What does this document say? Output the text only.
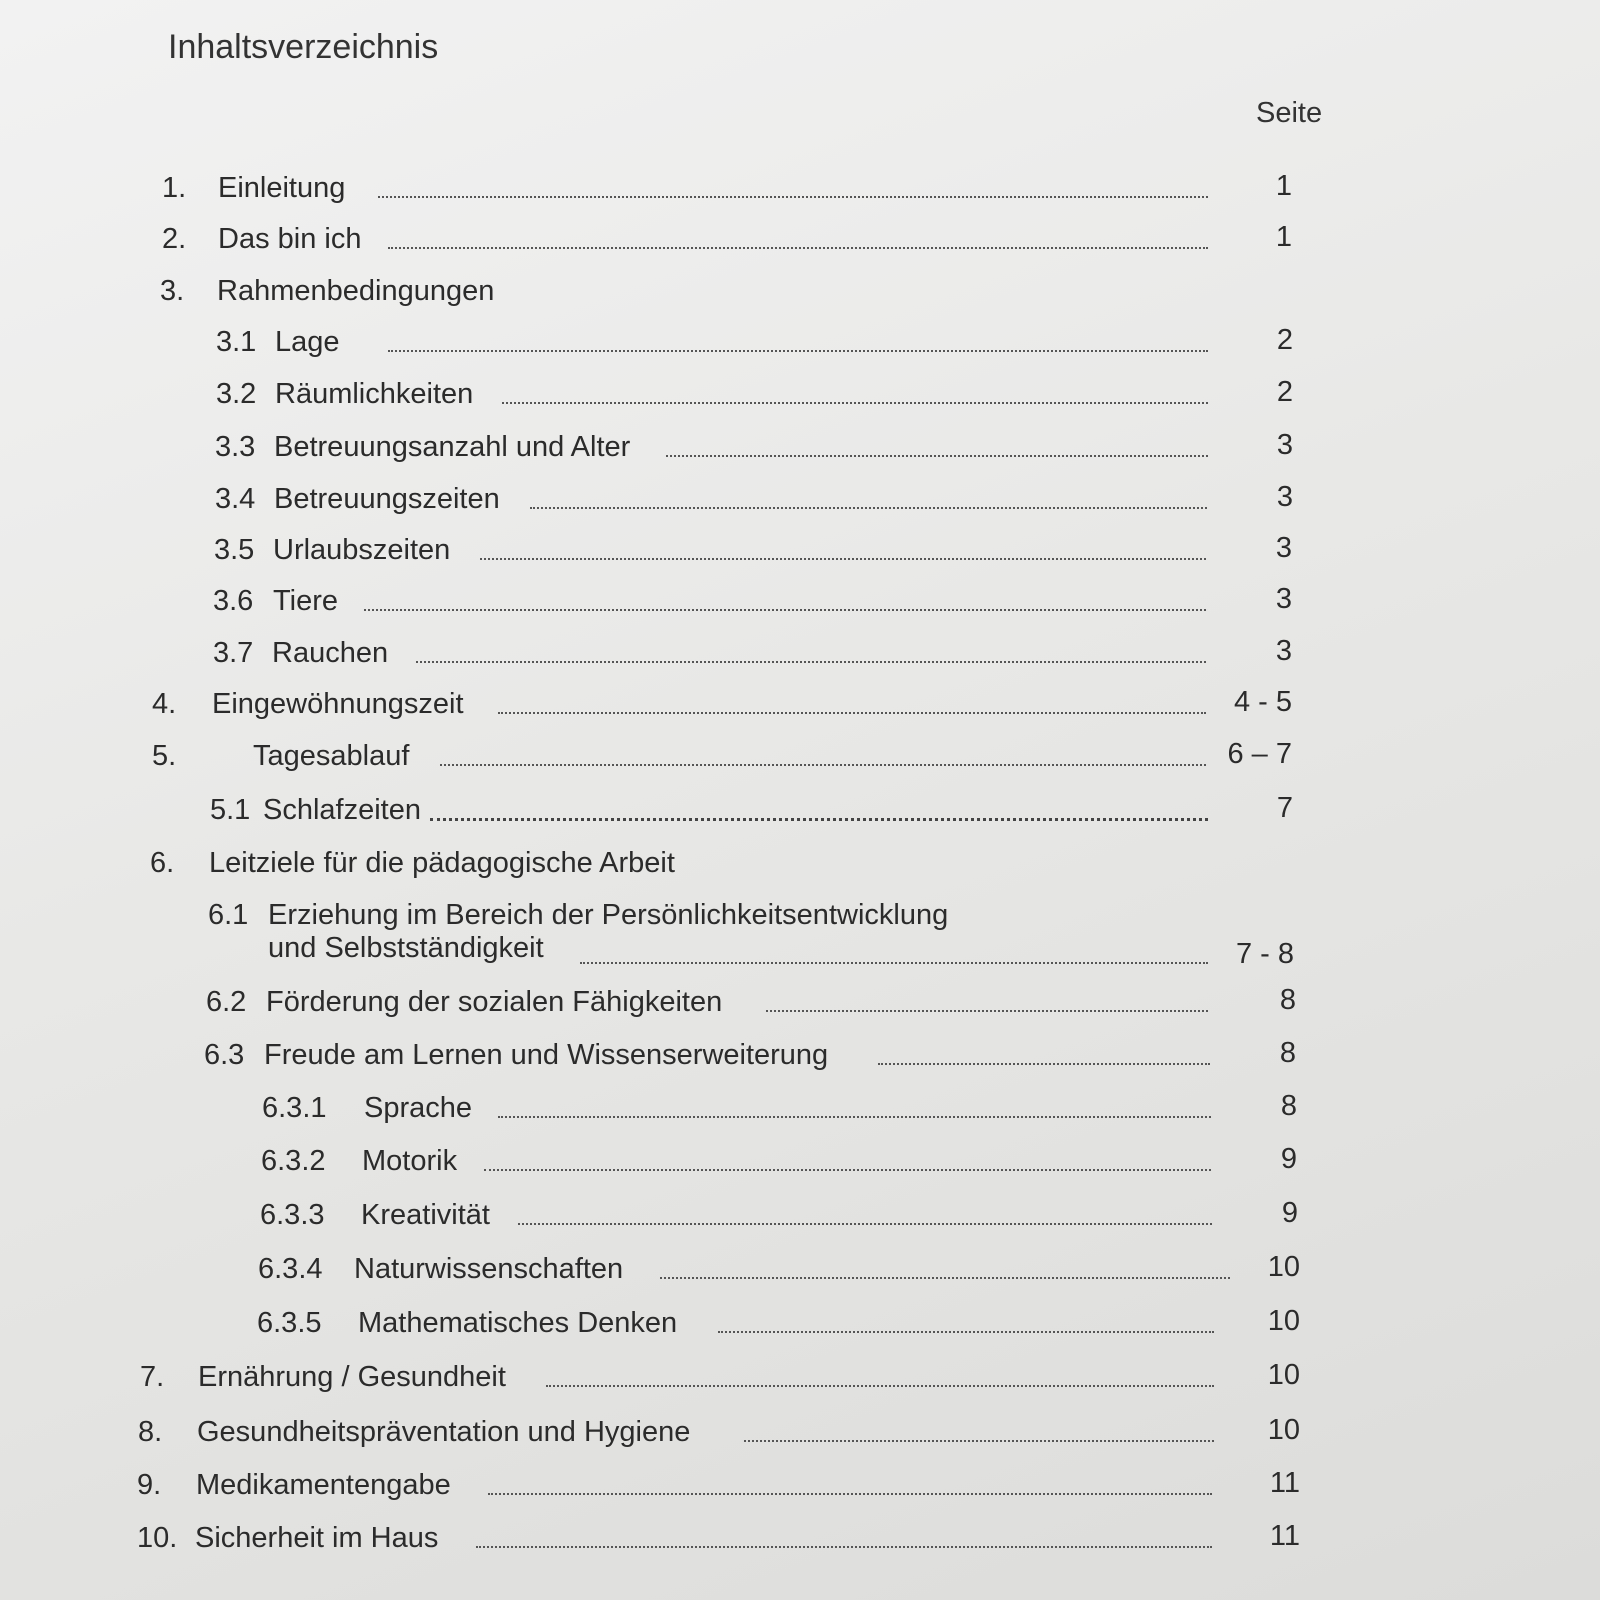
Inhaltsverzeichnis
Seite
1. Einleitung	1
2. Das bin ich	1
3. Rahmenbedingungen
3.1 Lage	2
3.2 Räumlichkeiten	2
3.3 Betreuungsanzahl und Alter	3
3.4 Betreuungszeiten	3
3.5 Urlaubszeiten	3
3.6 Tiere	3
3.7 Rauchen	3
4. Eingewöhnungszeit	4 - 5
5.	Tagesablauf	6 – 7
5.1 Schlafzeiten	7
6. Leitziele für die pädagogische Arbeit
6.1 Erziehung im Bereich der Persönlichkeitsentwicklung
und Selbstständigkeit	7 - 8
6.2 Förderung der sozialen Fähigkeiten	8
6.3 Freude am Lernen und Wissenserweiterung	8
6.3.1 Sprache	8
6.3.2 Motorik	9
6.3.3 Kreativität	9
6.3.4 Naturwissenschaften	10
6.3.5 Mathematisches Denken	10
7. Ernährung / Gesundheit	10
8. Gesundheitspräventation und Hygiene	10
9. Medikamentengabe	11
10. Sicherheit im Haus	11
